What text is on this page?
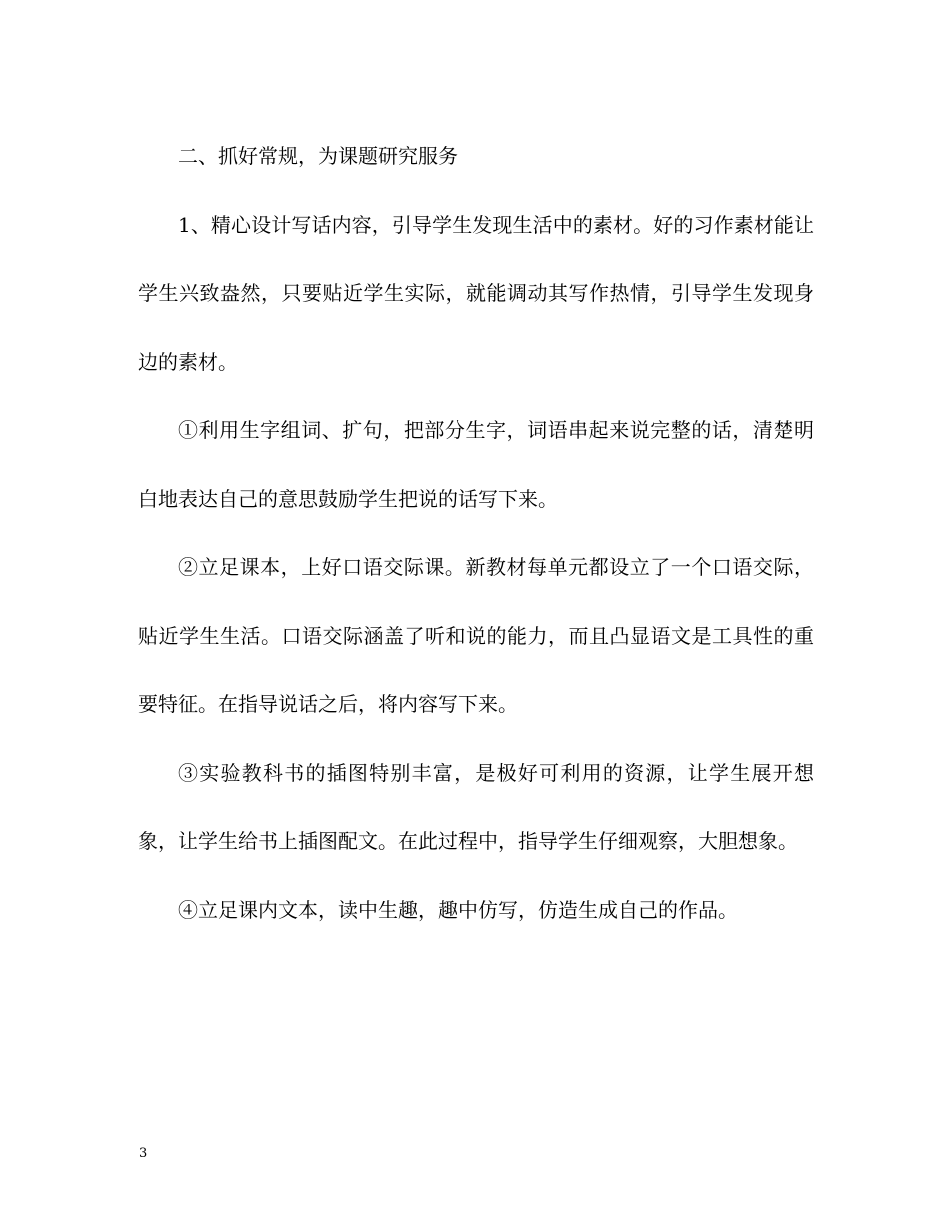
二、抓好常规，为课题研究服务

1、精心设计写话内容，引导学生发现生活中的素材。好的习作素材能让学生兴致盎然，只要贴近学生实际，就能调动其写作热情，引导学生发现身边的素材。

①利用生字组词、扩句，把部分生字，词语串起来说完整的话，清楚明白地表达自己的意思鼓励学生把说的话写下来。

②立足课本，上好口语交际课。新教材每单元都设立了一个口语交际，贴近学生生活。口语交际涵盖了听和说的能力，而且凸显语文是工具性的重要特征。在指导说话之后，将内容写下来。

③实验教科书的插图特别丰富，是极好可利用的资源，让学生展开想象，让学生给书上插图配文。在此过程中，指导学生仔细观察，大胆想象。

④立足课内文本，读中生趣，趣中仿写，仿造生成自己的作品。

3
